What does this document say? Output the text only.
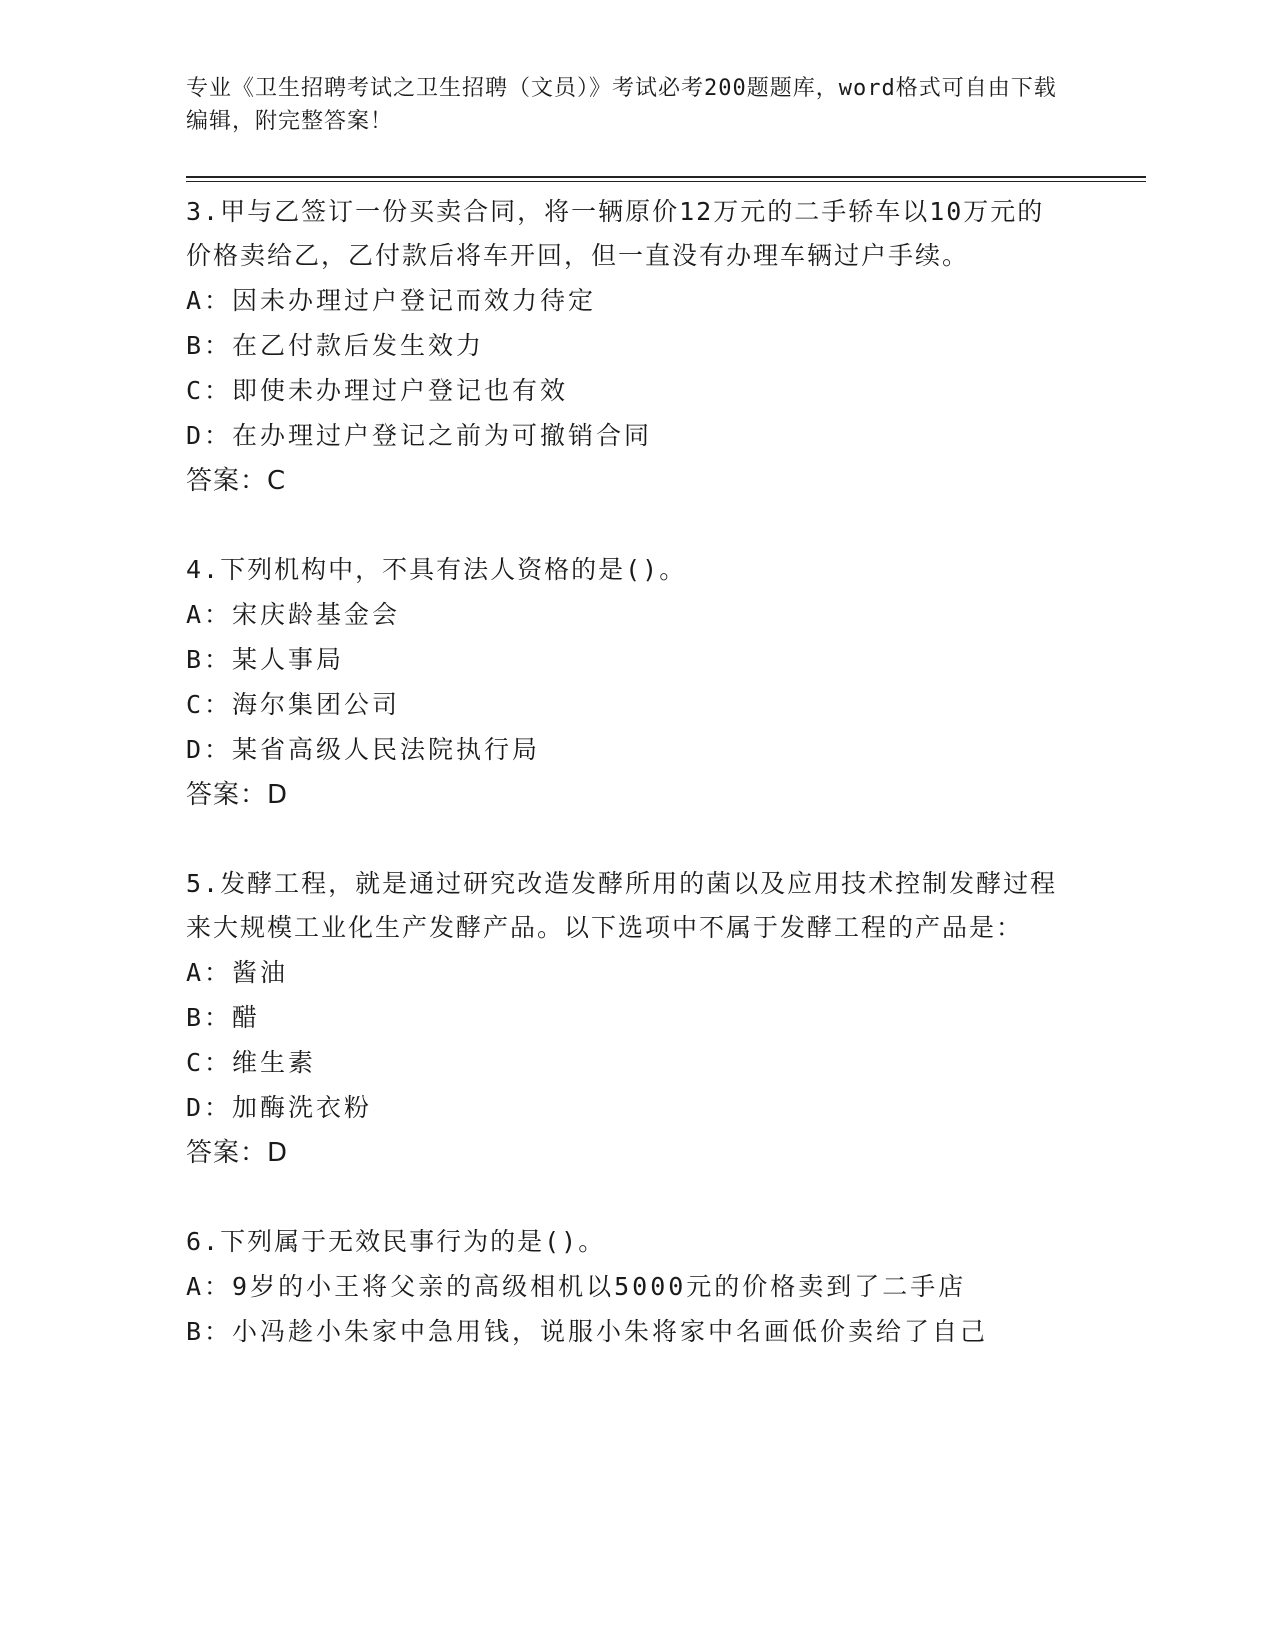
专业《卫生招聘考试之卫生招聘（文员）》考试必考200题题库，word格式可自由下载编辑，附完整答案！
3.甲与乙签订一份买卖合同，将一辆原价12万元的二手轿车以10万元的价格卖给乙，乙付款后将车开回，但一直没有办理车辆过户手续。
A：因未办理过户登记而效力待定
B：在乙付款后发生效力
C：即使未办理过户登记也有效
D：在办理过户登记之前为可撤销合同
答案：C
4.下列机构中，不具有法人资格的是()。
A：宋庆龄基金会
B：某人事局
C：海尔集团公司
D：某省高级人民法院执行局
答案：D
5.发酵工程，就是通过研究改造发酵所用的菌以及应用技术控制发酵过程来大规模工业化生产发酵产品。以下选项中不属于发酵工程的产品是：
A：酱油
B：醋
C：维生素
D：加酶洗衣粉
答案：D
6.下列属于无效民事行为的是()。
A：9岁的小王将父亲的高级相机以5000元的价格卖到了二手店
B：小冯趁小朱家中急用钱，说服小朱将家中名画低价卖给了自己
